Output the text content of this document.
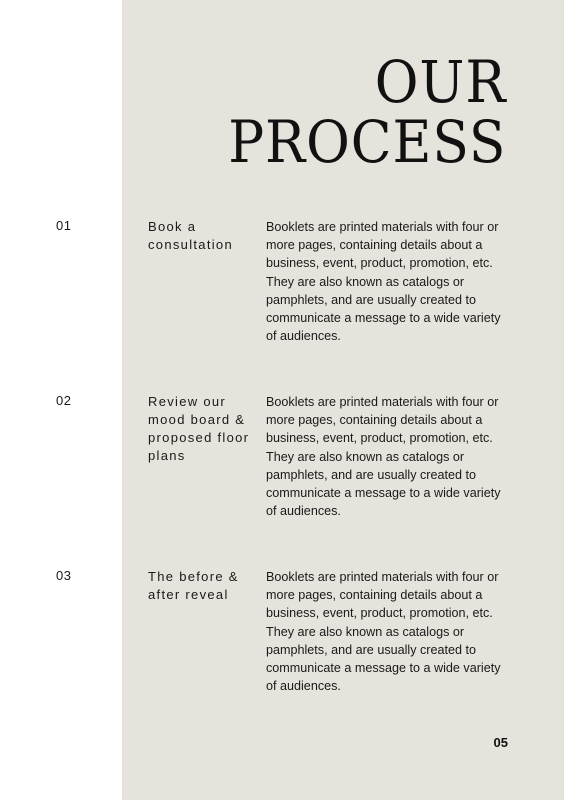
OUR
PROCESS
01	Book a consultation
Booklets are printed materials with four or more pages, containing details about a business, event, product, promotion, etc. They are also known as catalogs or pamphlets, and are usually created to communicate a message to a wide variety of audiences.
02	Review our mood board & proposed floor plans
Booklets are printed materials with four or more pages, containing details about a business, event, product, promotion, etc. They are also known as catalogs or pamphlets, and are usually created to communicate a message to a wide variety of audiences.
03	The before & after reveal
Booklets are printed materials with four or more pages, containing details about a business, event, product, promotion, etc. They are also known as catalogs or pamphlets, and are usually created to communicate a message to a wide variety of audiences.
05
